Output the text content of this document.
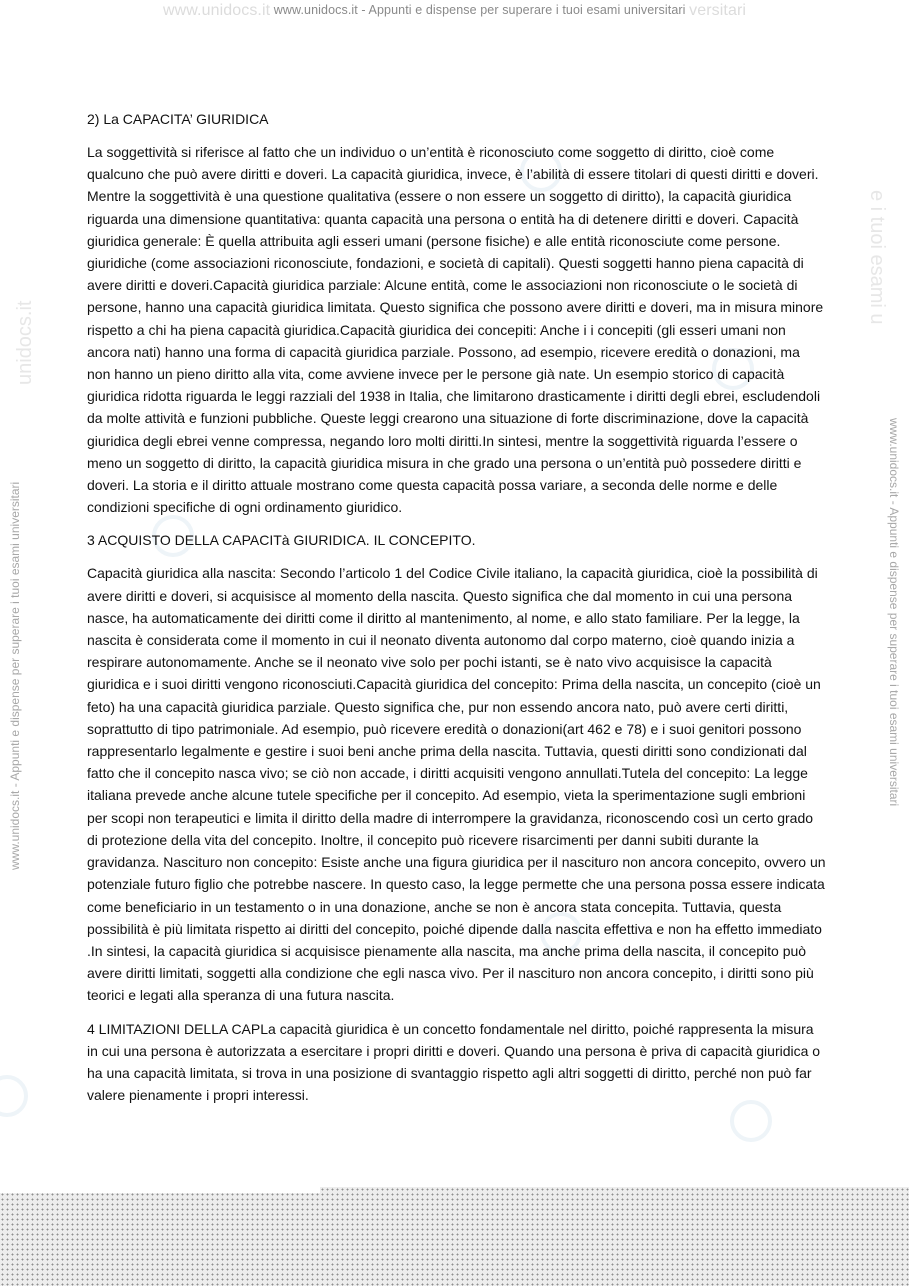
unidocs.it
e i tuoi esami u
www.unidocs.it www.unidocs.it - Appunti e dispense per superare i tuoi esami universitari versitari
www.unidocs.it - Appunti e dispense per superare i tuoi esami universitari	www.unidocs.it - Appunti e dispense per superare i tuoi esami universitari
2) La CAPACITA’ GIURIDICA

La soggettività si riferisce al fatto che un individuo o un’entità è riconosciuto come soggetto di diritto, cioè come qualcuno che può avere diritti e doveri. La capacità giuridica, invece, è l’abilità di essere titolari di questi diritti e doveri. Mentre la soggettività è una questione qualitativa (essere o non essere un soggetto di diritto), la capacità giuridica riguarda una dimensione quantitativa: quanta capacità una persona o entità ha di detenere diritti e doveri. Capacità giuridica generale: È quella attribuita agli esseri umani (persone fisiche) e alle entità riconosciute come persone. giuridiche (come associazioni riconosciute, fondazioni, e società di capitali). Questi soggetti hanno piena capacità di avere diritti e doveri.Capacità giuridica parziale: Alcune entità, come le associazioni non riconosciute o le società di persone, hanno una capacità giuridica limitata. Questo significa che possono avere diritti e doveri, ma in misura minore rispetto a chi ha piena capacità giuridica.Capacità giuridica dei concepiti: Anche i i concepiti (gli esseri umani non ancora nati) hanno una forma di capacità giuridica parziale. Possono, ad esempio, ricevere eredità o donazioni, ma non hanno un pieno diritto alla vita, come avviene invece per le persone già nate. Un esempio storico di capacità giuridica ridotta riguarda le leggi razziali del 1938 in Italia, che limitarono drasticamente i diritti degli ebrei, escludendoli da molte attività e funzioni pubbliche. Queste leggi crearono una situazione di forte discriminazione, dove la capacità giuridica degli ebrei venne compressa, negando loro molti diritti.In sintesi, mentre la soggettività riguarda l’essere o meno un soggetto di diritto, la capacità giuridica misura in che grado una persona o un’entità può possedere diritti e doveri. La storia e il diritto attuale mostrano come questa capacità possa variare, a seconda delle norme e delle condizioni specifiche di ogni ordinamento giuridico.

3 ACQUISTO DELLA CAPACITà GIURIDICA. IL CONCEPITO.

Capacità giuridica alla nascita: Secondo l’articolo 1 del Codice Civile italiano, la capacità giuridica, cioè la possibilità di avere diritti e doveri, si acquisisce al momento della nascita. Questo significa che dal momento in cui una persona nasce, ha automaticamente dei diritti come il diritto al mantenimento, al nome, e allo stato familiare. Per la legge, la nascita è considerata come il momento in cui il neonato diventa autonomo dal corpo materno, cioè quando inizia a respirare autonomamente. Anche se il neonato vive solo per pochi istanti, se è nato vivo acquisisce la capacità giuridica e i suoi diritti vengono riconosciuti.Capacità giuridica del concepito: Prima della nascita, un concepito (cioè un feto) ha una capacità giuridica parziale. Questo significa che, pur non essendo ancora nato, può avere certi diritti, soprattutto di tipo patrimoniale. Ad esempio, può ricevere eredità o donazioni(art 462 e 78) e i suoi genitori possono rappresentarlo legalmente e gestire i suoi beni anche prima della nascita. Tuttavia, questi diritti sono condizionati dal fatto che il concepito nasca vivo; se ciò non accade, i diritti acquisiti vengono annullati.Tutela del concepito: La legge italiana prevede anche alcune tutele specifiche per il concepito. Ad esempio, vieta la sperimentazione sugli embrioni per scopi non terapeutici e limita il diritto della madre di interrompere la gravidanza, riconoscendo così un certo grado di protezione della vita del concepito. Inoltre, il concepito può ricevere risarcimenti per danni subiti durante la gravidanza. Nascituro non concepito: Esiste anche una figura giuridica per il nascituro non ancora concepito, ovvero un potenziale futuro figlio che potrebbe nascere. In questo caso, la legge permette che una persona possa essere indicata come beneficiario in un testamento o in una donazione, anche se non è ancora stata concepita. Tuttavia, questa possibilità è più limitata rispetto ai diritti del concepito, poiché dipende dalla nascita effettiva e non ha effetto immediato .In sintesi, la capacità giuridica si acquisisce pienamente alla nascita, ma anche prima della nascita, il concepito può avere diritti limitati, soggetti alla condizione che egli nasca vivo. Per il nascituro non ancora concepito, i diritti sono più teorici e legati alla speranza di una futura nascita.

4 LIMITAZIONI DELLA CAPLa capacità giuridica è un concetto fondamentale nel diritto, poiché rappresenta la misura in cui una persona è autorizzata a esercitare i propri diritti e doveri. Quando una persona è priva di capacità giuridica o ha una capacità limitata, si trova in una posizione di svantaggio rispetto agli altri soggetti di diritto, perché non può far valere pienamente i propri interessi.
